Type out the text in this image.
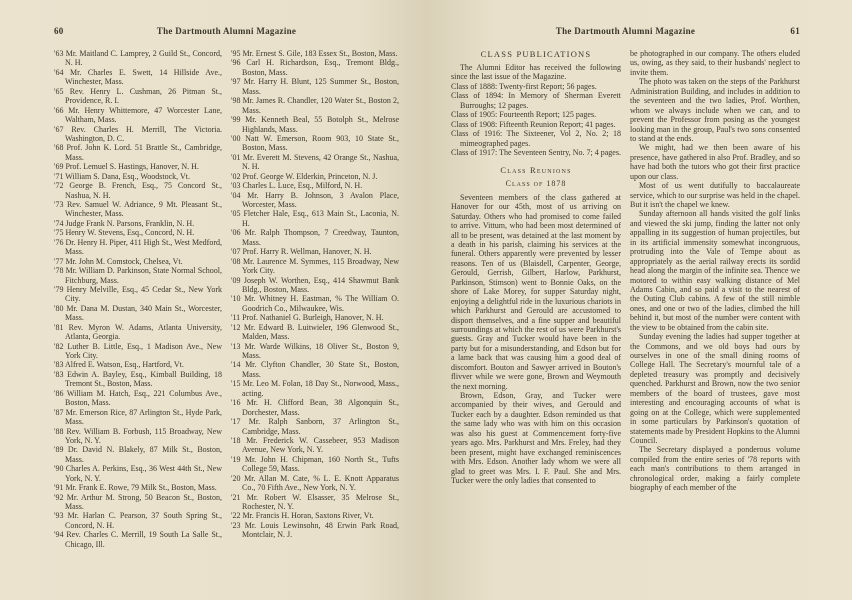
60	The Dartmouth Alumni Magazine
'63 Mr. Maitland C. Lamprey, 2 Guild St., Concord, N. H.
'64 Mr. Charles E. Swett, 14 Hillside Ave., Winchester, Mass.
'65 Rev. Henry L. Cushman, 26 Pitman St., Providence, R. I.
'66 Mr. Henry Whittemore, 47 Worcester Lane, Waltham, Mass.
'67 Rev. Charles H. Merrill, The Victoria. Washington, D. C.
'68 Prof. John K. Lord. 51 Brattle St., Cambridge, Mass.
'69 Prof. Lemuel S. Hastings, Hanover, N. H.
'71 William S. Dana, Esq., Woodstock, Vt.
'72 George B. French, Esq., 75 Concord St., Nashua, N. H.
'73 Rev. Samuel W. Adriance, 9 Mt. Pleasant St., Winchester, Mass.
'74 Judge Frank N. Parsons, Franklin, N. H.
'75 Henry W. Stevens, Esq., Concord, N. H.
'76 Dr. Henry H. Piper, 411 High St., West Medford, Mass.
'77 Mr. John M. Comstock, Chelsea, Vt.
'78 Mr. William D. Parkinson, State Normal School, Fitchburg, Mass.
'79 Henry Melville, Esq., 45 Cedar St., New York City.
'80 Mr. Dana M. Dustan, 340 Main St., Worcester, Mass.
'81 Rev. Myron W. Adams, Atlanta University, Atlanta, Georgia.
'82 Luther B. Little, Esq., 1 Madison Ave., New York City.
'83 Alfred E. Watson, Esq., Hartford, Vt.
'83 Edwin A. Bayley, Esq., Kimball Building, 18 Tremont St., Boston, Mass.
'86 William M. Hatch, Esq., 221 Columbus Ave., Boston, Mass.
'87 Mr. Emerson Rice, 87 Arlington St., Hyde Park, Mass.
'88 Rev. William B. Forbush, 115 Broadway, New York, N. Y.
'89 Dr. David N. Blakely, 87 Milk St., Boston, Mass.
'90 Charles A. Perkins, Esq., 36 West 44th St., New York, N. Y.
'91 Mr. Frank E. Rowe, 79 Milk St., Boston, Mass.
'92 Mr. Arthur M. Strong, 50 Beacon St., Boston, Mass.
'93 Mr. Harlan C. Pearson, 37 South Spring St., Concord, N. H.
'94 Rev. Charles C. Merrill, 19 South La Salle St., Chicago, Ill.
'95 Mr. Ernest S. Gile, 183 Essex St., Boston, Mass.
'96 Carl H. Richardson, Esq., Tremont Bldg., Boston, Mass.
'97 Mr. Harry H. Blunt, 125 Summer St., Boston, Mass.
'98 Mr. James R. Chandler, 120 Water St., Boston 2, Mass.
'99 Mr. Kenneth Beal, 55 Botolph St., Melrose Highlands, Mass.
'00 Natt W. Emerson, Room 903, 10 State St., Boston, Mass.
'01 Mr. Everett M. Stevens, 42 Orange St., Nashua, N. H.
'02 Prof. George W. Elderkin, Princeton, N. J.
'03 Charles L. Luce, Esq., Milford, N. H.
'04 Mr. Harry B. Johnson, 3 Avalon Place, Worcester, Mass.
'05 Fletcher Hale, Esq., 613 Main St., Laconia, N. H.
'06 Mr. Ralph Thompson, 7 Creedway, Taunton, Mass.
'07 Prof. Harry R. Wellman, Hanover, N. H.
'08 Mr. Laurence M. Symmes, 115 Broadway, New York City.
'09 Joseph W. Worthen, Esq., 414 Shawmut Bank Bldg., Boston, Mass.
'10 Mr. Whitney H. Eastman, % The William O. Goodrich Co., Milwaukee, Wis.
'11 Prof. Nathaniel G. Burleigh, Hanover, N. H.
'12 Mr. Edward B. Luitwieler, 196 Glenwood St., Malden, Mass.
'13 Mr. Warde Wilkins, 18 Oliver St., Boston 9, Mass.
'14 Mr. Clyfton Chandler, 30 State St., Boston, Mass.
'15 Mr. Leo M. Folan, 18 Day St., Norwood, Mass., acting.
'16 Mr. H. Clifford Bean, 38 Algonquin St., Dorchester, Mass.
'17 Mr. Ralph Sanborn, 37 Arlington St., Cambridge, Mass.
'18 Mr. Frederick W. Cassebeer, 953 Madison Avenue, New York, N. Y.
'19 Mr. John H. Chipman, 160 North St., Tufts College 59, Mass.
'20 Mr. Allan M. Cate, % L. E. Knott Apparatus Co., 70 Fifth Ave., New York, N. Y.
'21 Mr. Robert W. Elsasser, 35 Melrose St., Rochester, N. Y.
'22 Mr. Francis H. Horan, Saxtons River, Vt.
'23 Mr. Louis Lewinsohn, 48 Erwin Park Road, Montclair, N. J.
The Dartmouth Alumni Magazine	61
CLASS PUBLICATIONS
The Alumni Editor has received the following since the last issue of the Magazine.
Class of 1888: Twenty-first Report; 56 pages.
Class of 1894: In Memory of Sherman Everett Burroughs; 12 pages.
Class of 1905: Fourteenth Report; 125 pages.
Class of 1908: Fifteenth Reunion Report; 41 pages.
Class of 1916: The Sixteener, Vol 2, No. 2; 18 mimeographed pages.
Class of 1917: The Seventeen Sentry, No. 7; 4 pages.
Class Reunions
Class of 1878
Seventeen members of the class gathered at Hanover for our 45th, most of us arriving on Saturday. Others who had promised to come failed to arrive. Vittum, who had been most determined of all to be present, was detained at the last moment by a death in his parish, claiming his services at the funeral. Others apparently were prevented by lesser reasons. Ten of us (Blaisdell, Carpenter, George, Gerould, Gerrish, Gilbert, Harlow, Parkhurst, Parkinson, Stimson) went to Bonnie Oaks, on the shore of Lake Morey, for supper Saturday night, enjoying a delightful ride in the luxurious chariots in which Parkhurst and Gerould are accustomed to disport themselves, and a fine supper and beautiful surroundings at which the rest of us were Parkhurst's guests. Gray and Tucker would have been in the party but for a misunderstanding, and Edson but for a lame back that was causing him a good deal of discomfort. Bouton and Sawyer arrived in Bouton's flivver while we were gone, Brown and Weymouth the next morning.
Brown, Edson, Gray, and Tucker were accompanied by their wives, and Gerould and Tucker each by a daughter. Edson reminded us that the same lady who was with him on this occasion was also his guest at Commencement forty-five years ago. Mrs. Parkhurst and Mrs. Freley, had they been present, might have exchanged reminiscences with Mrs. Edson. Another lady whom we were all glad to greet was Mrs. I. F. Paul. She and Mrs. Tucker were the only ladies that consented to
be photographed in our company. The others eluded us, owing, as they said, to their husbands' neglect to invite them.
The photo was taken on the steps of the Parkhurst Administration Building, and includes in addition to the seventeen and the two ladies, Prof. Worthen, whom we always include when we can, and to prevent the Professor from posing as the youngest looking man in the group, Paul's two sons consented to stand at the ends.
We might, had we then been aware of his presence, have gathered in also Prof. Bradley, and so have had both the tutors who got their first practice upon our class.
Most of us went dutifully to baccalaureate service, which to our surprise was held in the chapel. But it isn't the chapel we knew.
Sunday afternoon all hands visited the golf links and viewed the ski jump, finding the latter not only appalling in its suggestion of human projectiles, but in its artificial immensity somewhat incongruous, protruding into the Vale of Tempe about as appropriately as the aerial railway erects its sordid head along the margin of the infinite sea. Thence we motored to within easy walking distance of Mel Adams Cabin, and so paid a visit to the nearest of the Outing Club cabins. A few of the still nimble ones, and one or two of the ladies, climbed the hill behind it, but most of the number were content with the view to be obtained from the cabin site.
Sunday evening the ladies had supper together at the Commons, and we old boys had ours by ourselves in one of the small dining rooms of College Hall. The Secretary's mournful tale of a depleted treasury was promptly and decisively quenched. Parkhurst and Brown, now the two senior members of the board of trustees, gave most interesting and encouraging accounts of what is going on at the College, which were supplemented in some particulars by Parkinson's quotation of statements made by President Hopkins to the Alumni Council.
The Secretary displayed a ponderous volume compiled from the entire series of '78 reports with each man's contributions to them arranged in chronological order, making a fairly complete biography of each member of the
